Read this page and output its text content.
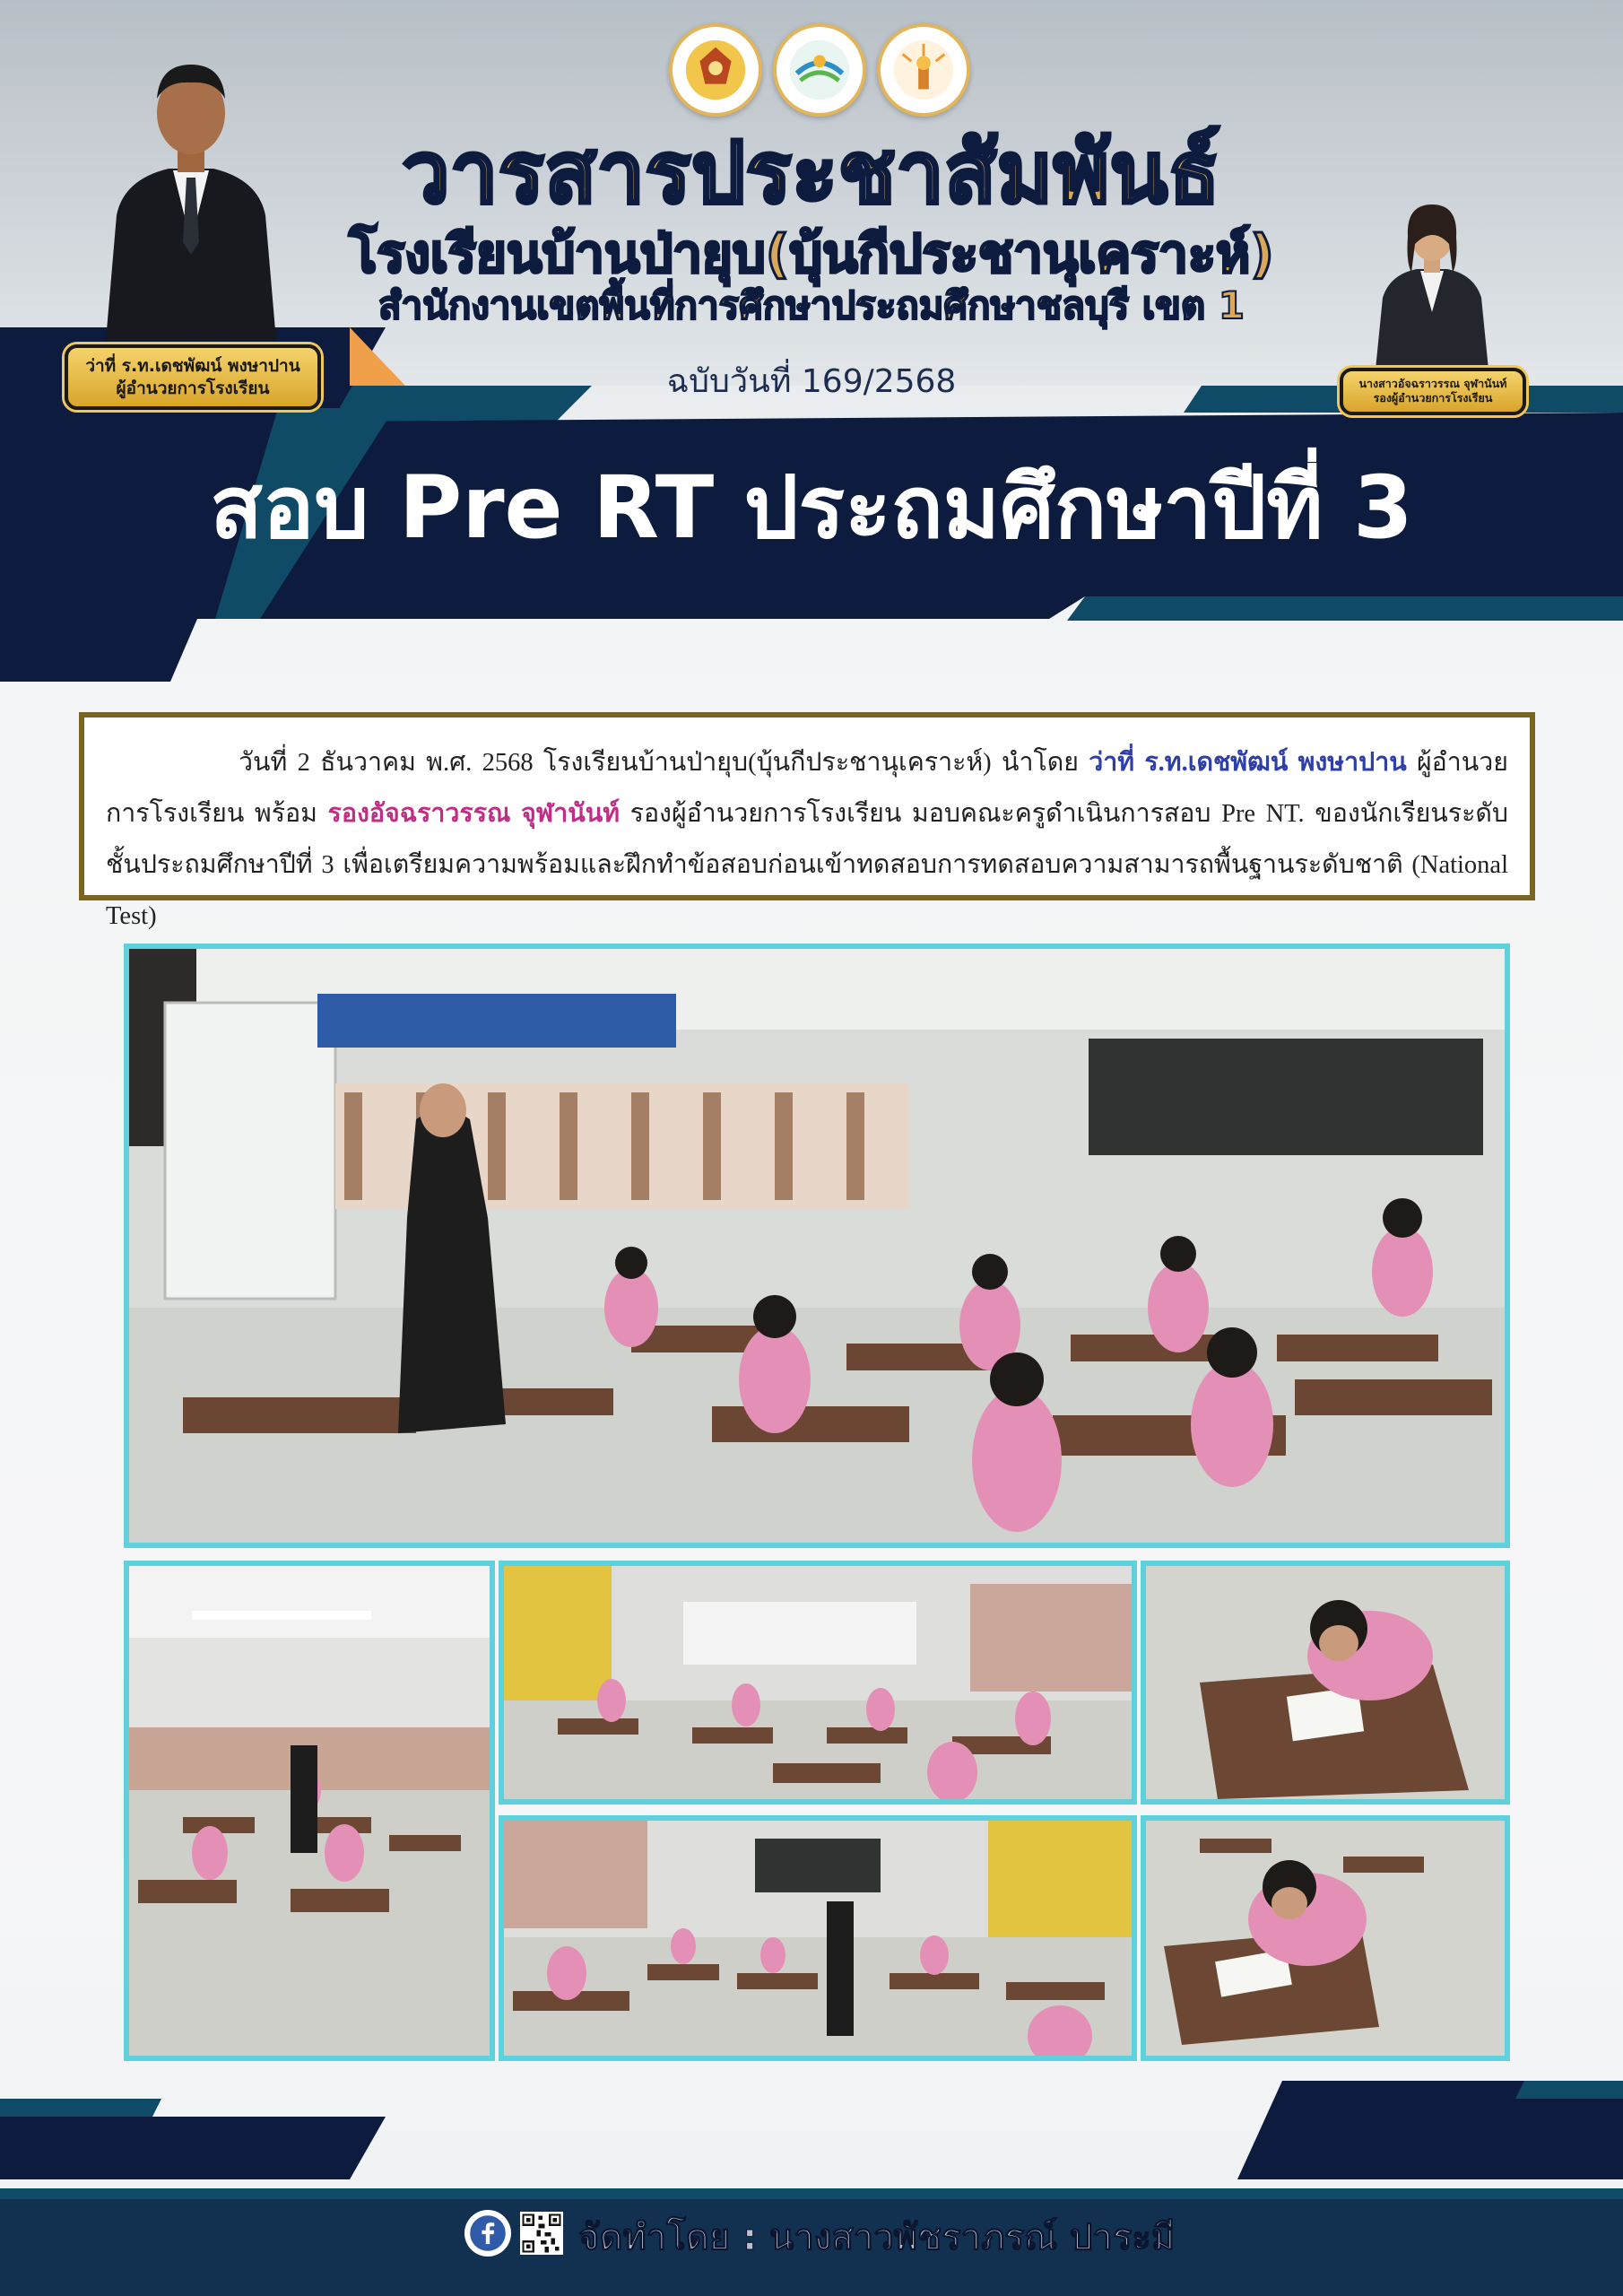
วารสารประชาสัมพันธ์
โรงเรียนบ้านป่ายุบ(บุ้นกีประชานุเคราะห์)
สำนักงานเขตพื้นที่การศึกษาประถมศึกษาชลบุรี เขต 1
ฉบับวันที่ 169/2568
ว่าที่ ร.ท.เดชพัฒน์ พงษาปาน
ผู้อำนวยการโรงเรียน	นางสาวอัจฉราวรรณ จุฬานันท์
รองผู้อำนวยการโรงเรียน
สอบ Pre RT ประถมศึกษาปีที่ 3

วันที่ 2 ธันวาคม พ.ศ. 2568 โรงเรียนบ้านป่ายุบ(บุ้นกีประชานุเคราะห์) นำโดย ว่าที่ ร.ท.เดชพัฒน์ พงษาปาน ผู้อำนวยการโรงเรียน พร้อม รองอัจฉราวรรณ จุฬานันท์ รองผู้อำนวยการโรงเรียน มอบคณะครูดำเนินการสอบ Pre NT. ของนักเรียนระดับชั้นประถมศึกษาปีที่ 3 เพื่อเตรียมความพร้อมและฝึกทำข้อสอบก่อนเข้าทดสอบการทดสอบความสามารถพื้นฐานระดับชาติ (National Test)

จัดทำโดย : นางสาวพัชราภรณ์ ปาระมี
